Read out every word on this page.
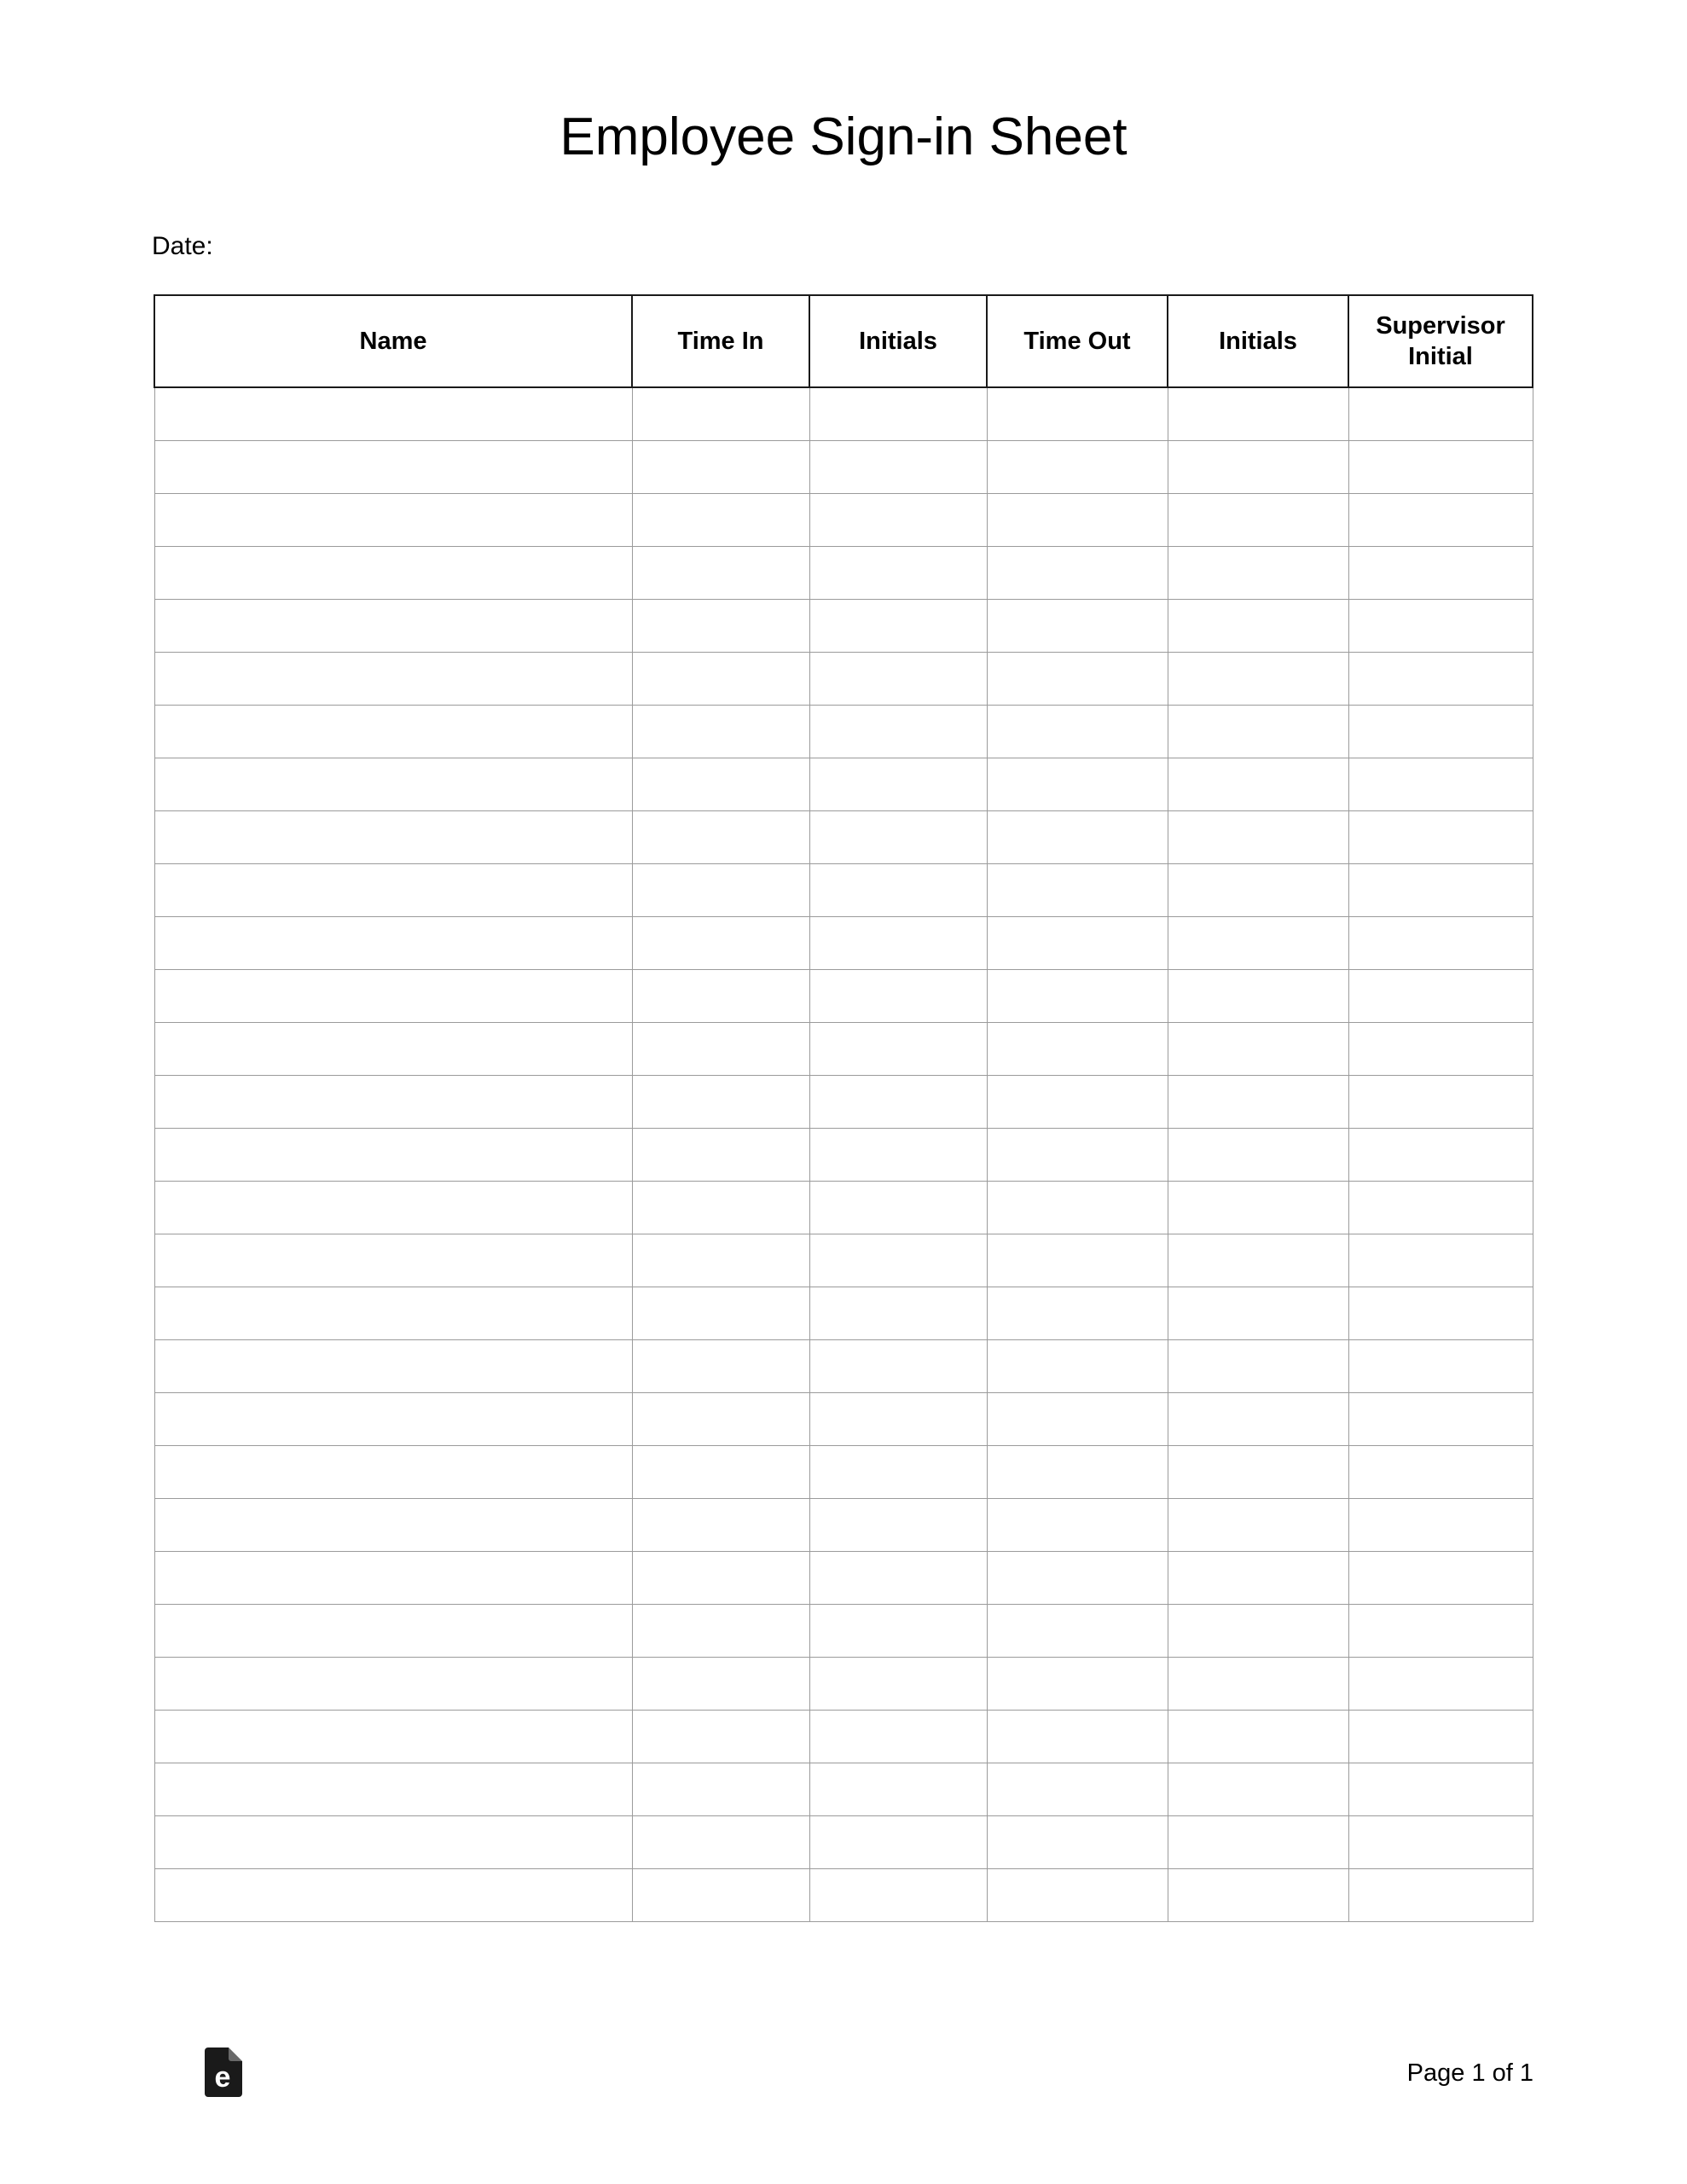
Employee Sign-in Sheet
Date:
Name	Time In	Initials	Time Out	Initials	Supervisor Initial

e	Page 1 of 1
